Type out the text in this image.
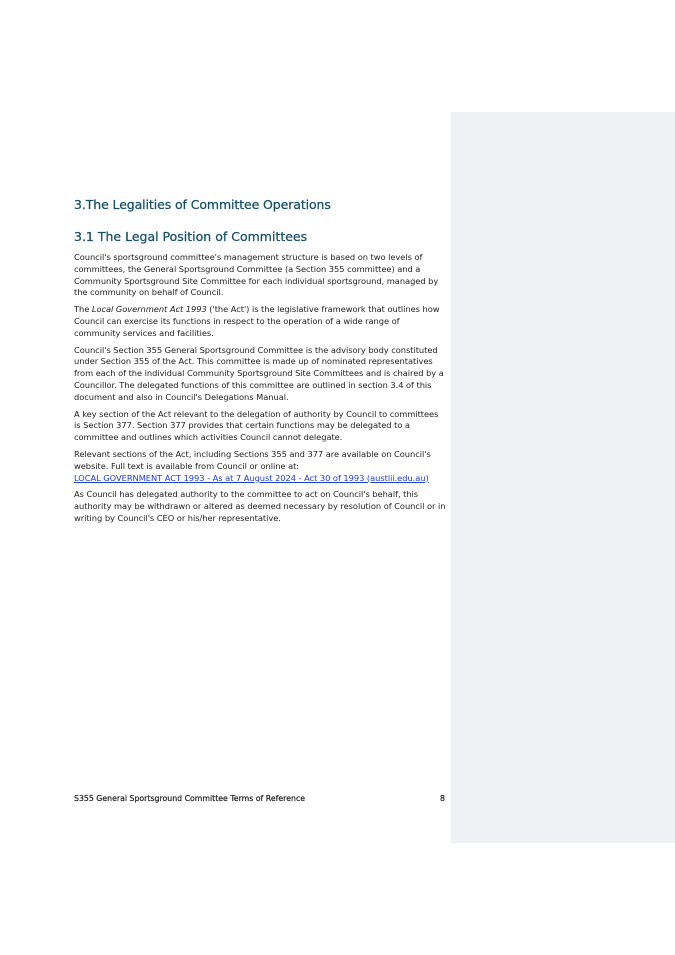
3.The Legalities of Committee Operations
3.1 The Legal Position of Committees

Council's sportsground committee's management structure is based on two levels of committees, the General Sportsground Committee (a Section 355 committee) and a Community Sportsground Site Committee for each individual sportsground, managed by the community on behalf of Council.

The Local Government Act 1993 ('the Act') is the legislative framework that outlines how Council can exercise its functions in respect to the operation of a wide range of community services and facilities.

Council's Section 355 General Sportsground Committee is the advisory body constituted under Section 355 of the Act. This committee is made up of nominated representatives from each of the individual Community Sportsground Site Committees and is chaired by a Councillor. The delegated functions of this committee are outlined in section 3.4 of this document and also in Council's Delegations Manual.

A key section of the Act relevant to the delegation of authority by Council to committees is Section 377. Section 377 provides that certain functions may be delegated to a committee and outlines which activities Council cannot delegate.

Relevant sections of the Act, including Sections 355 and 377 are available on Council's website. Full text is available from Council or online at:
LOCAL GOVERNMENT ACT 1993 - As at 7 August 2024 - Act 30 of 1993 (austlii.edu.au)

As Council has delegated authority to the committee to act on Council's behalf, this authority may be withdrawn or altered as deemed necessary by resolution of Council or in writing by Council's CEO or his/her representative.

S355 General Sportsground Committee Terms of Reference	8
